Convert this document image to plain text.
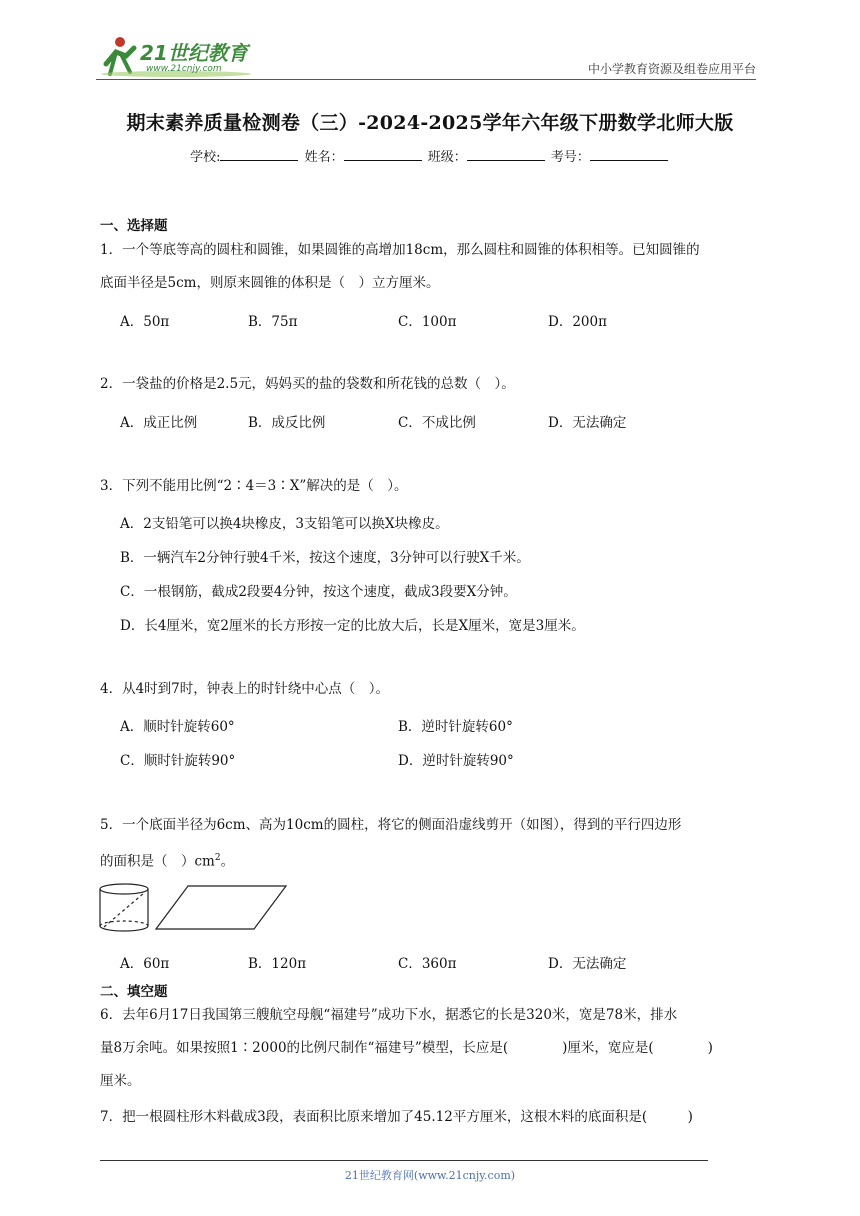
21世纪教育
www.21cnjy.com	中小学教育资源及组卷应用平台
期末素养质量检测卷（三）-2024-2025学年六年级下册数学北师大版
学校:	姓名：	班级：	考号：
一、选择题
1．一个等底等高的圆柱和圆锥，如果圆锥的高增加18cm，那么圆柱和圆锥的体积相等。已知圆锥的
底面半径是5cm，则原来圆锥的体积是（　）立方厘米。
A．50π	B．75π	C．100π	D．200π
2．一袋盐的价格是2.5元，妈妈买的盐的袋数和所花钱的总数（　）。
A．成正比例	B．成反比例	C．不成比例	D．无法确定
3．下列不能用比例“2∶4＝3∶X”解决的是（　）。
A．2支铅笔可以换4块橡皮，3支铅笔可以换X块橡皮。
B．一辆汽车2分钟行驶4千米，按这个速度，3分钟可以行驶X千米。
C．一根钢筋，截成2段要4分钟，按这个速度，截成3段要X分钟。
D．长4厘米，宽2厘米的长方形按一定的比放大后，长是X厘米，宽是3厘米。
4．从4时到7时，钟表上的时针绕中心点（　）。
A．顺时针旋转60°	B．逆时针旋转60°
C．顺时针旋转90°	D．逆时针旋转90°
5．一个底面半径为6cm、高为10cm的圆柱，将它的侧面沿虚线剪开（如图），得到的平行四边形
的面积是（　）$cm^2$。
A．60π	B．120π	C．360π	D．无法确定
二、填空题
6．去年6月17日我国第三艘航空母舰“福建号”成功下水，据悉它的长是320米，宽是78米，排水
量8万余吨。如果按照1∶2000的比例尺制作“福建号”模型，长应是(　　　　)厘米，宽应是(　　　　)
厘米。
7．把一根圆柱形木料截成3段，表面积比原来增加了45.12平方厘米，这根木料的底面积是(　　　)
21世纪教育网(www.21cnjy.com)
